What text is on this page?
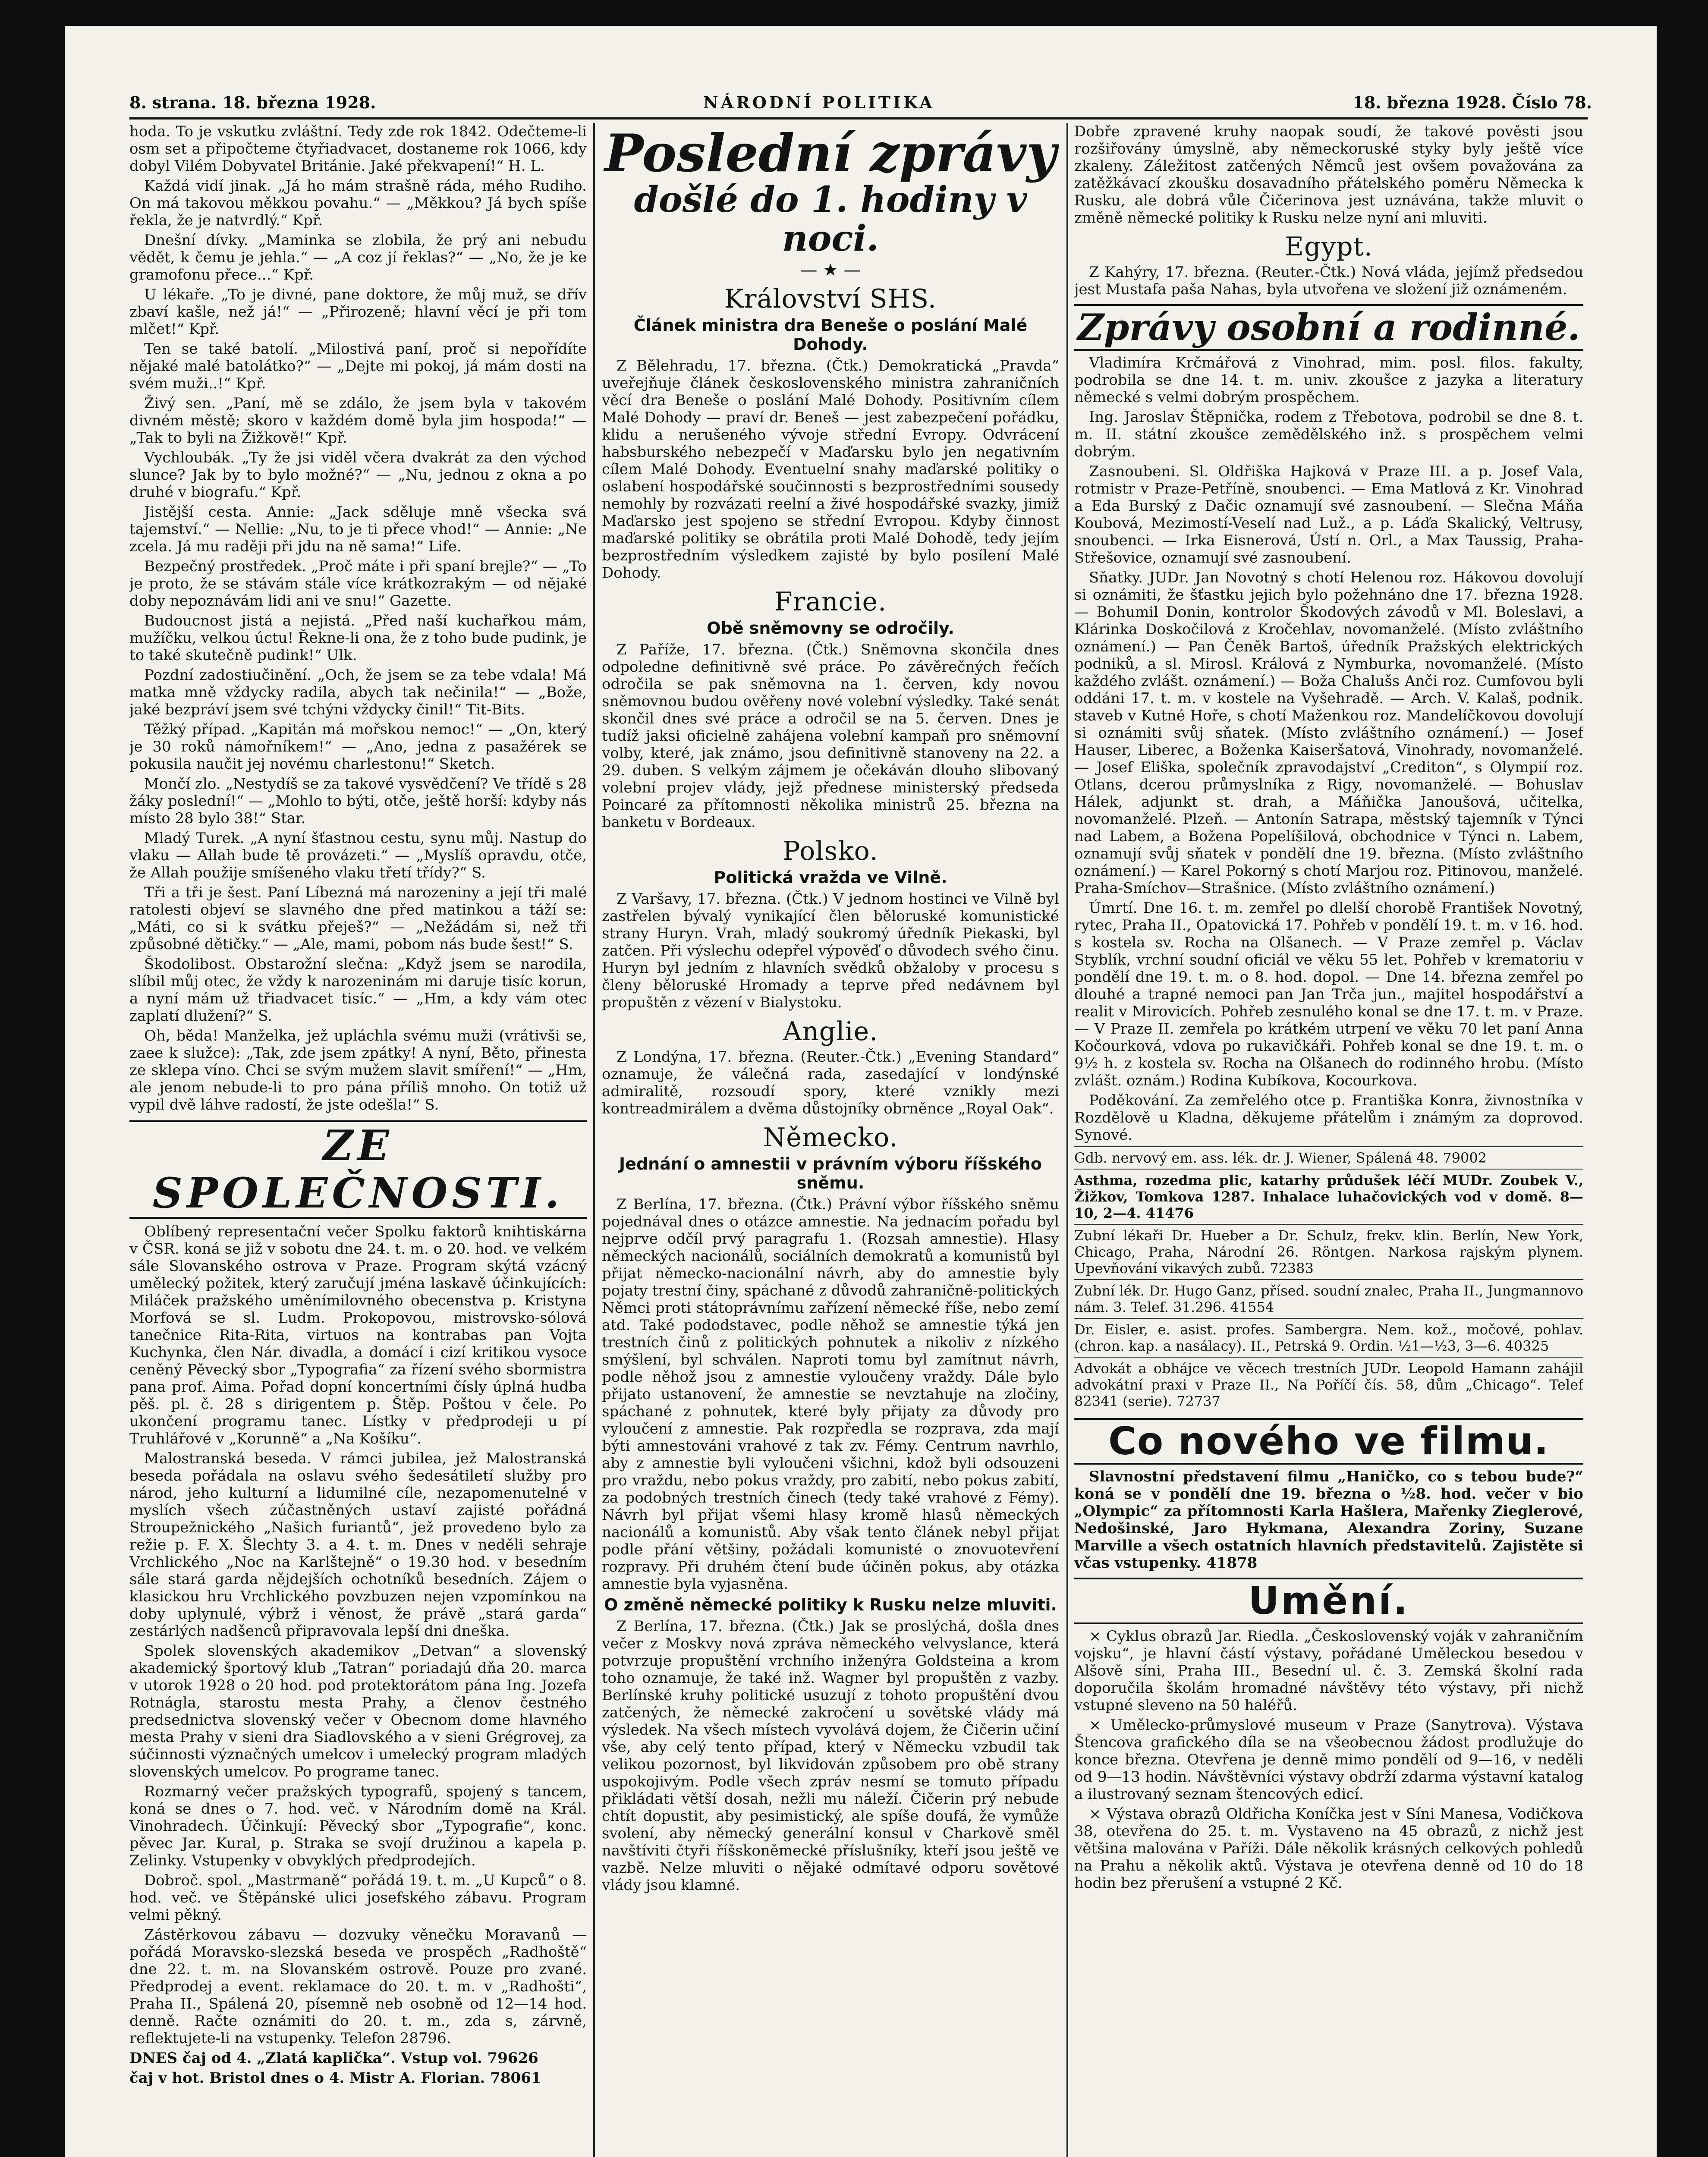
8. strana. 18. března 1928.	NÁRODNÍ POLITIKA	18. března 1928. Číslo 78.

hoda. To je vskutku zvláštní. Tedy zde rok 1842. Odečteme-li osm set a připočteme čtyřiadvacet, dostaneme rok 1066, kdy dobyl Vilém Dobyvatel Británie. Jaké překvapení!“ H. L.

Každá vidí jinak. „Já ho mám strašně ráda, mého Rudiho. On má takovou měkkou povahu.“ — „Měkkou? Já bych spíše řekla, že je natvrdlý.“ Kpř.

Dnešní dívky. „Maminka se zlobila, že prý ani nebudu vědět, k čemu je jehla.“ — „A coz jí řeklas?“ — „No, že je ke gramofonu přece...“ Kpř.

U lékaře. „To je divné, pane doktore, že můj muž, se dřív zbaví kašle, než já!“ — „Přirozeně; hlavní věcí je při tom mlčet!“ Kpř.

Ten se také batolí. „Milostivá paní, proč si nepořídíte nějaké malé batolátko?“ — „Dejte mi pokoj, já mám dosti na svém muži..!“ Kpř.

Živý sen. „Paní, mě se zdálo, že jsem byla v takovém divném městě; skoro v každém domě byla jim hospoda!“ — „Tak to byli na Žižkově!“ Kpř.

Vychloubák. „Ty že jsi viděl včera dvakrát za den východ slunce? Jak by to bylo možné?“ — „Nu, jednou z okna a po druhé v biografu.“ Kpř.

Jistější cesta. Annie: „Jack sděluje mně všecka svá tajemství.“ — Nellie: „Nu, to je ti přece vhod!“ — Annie: „Ne zcela. Já mu raději při jdu na ně sama!“ Life.

Bezpečný prostředek. „Proč máte i při spaní brejle?“ — „To je proto, že se stávám stále více krátkozrakým — od nějaké doby nepoznávám lidi ani ve snu!“ Gazette.

Budoucnost jistá a nejistá. „Před naší kuchařkou mám, mužíčku, velkou úctu! Řekne-li ona, že z toho bude pudink, je to také skutečně pudink!“ Ulk.

Pozdní zadostiučinění. „Och, že jsem se za tebe vdala! Má matka mně vždycky radila, abych tak nečinila!“ — „Bože, jaké bezpráví jsem své tchýni vždycky činil!“ Tit-Bits.

Těžký případ. „Kapitán má mořskou nemoc!“ — „On, který je 30 roků námořníkem!“ — „Ano, jedna z pasažérek se pokusila naučit jej novému charlestonu!“ Sketch.

Mončí zlo. „Nestydíš se za takové vysvědčení? Ve třídě s 28 žáky poslední!“ — „Mohlo to býti, otče, ještě horší: kdyby nás místo 28 bylo 38!“ Star.

Mladý Turek. „A nyní šťastnou cestu, synu můj. Nastup do vlaku — Allah bude tě provázeti.“ — „Myslíš opravdu, otče, že Allah použije smíšeného vlaku třetí třídy?“ S.

Tři a tři je šest. Paní Líbezná má narozeniny a její tři malé ratolesti objeví se slavného dne před matinkou a táží se: „Máti, co si k svátku přeješ?“ — „Nežádám si, než tři způsobné dětičky.“ — „Ale, mami, pobom nás bude šest!“ S.

Škodolibost. Obstarožní slečna: „Když jsem se narodila, slíbil můj otec, že vždy k narozeninám mi daruje tisíc korun, a nyní mám už třiadvacet tisíc.“ — „Hm, a kdy vám otec zaplatí dlužení?“ S.

Oh, běda! Manželka, jež upláchla svému muži (vrátivši se, zaee k služce): „Tak, zde jsem zpátky! A nyní, Běto, přinesta ze sklepa víno. Chci se svým mužem slavit smíření!“ — „Hm, ale jenom nebude-li to pro pána příliš mnoho. On totiž už vypil dvě láhve radostí, že jste odešla!“ S.

ZE SPOLEČNOSTI.

Oblíbený representační večer Spolku faktorů knihtiskárna v ČSR. koná se již v sobotu dne 24. t. m. o 20. hod. ve velkém sále Slovanského ostrova v Praze. Program skýtá vzácný umělecký požitek, který zaručují jména laskavě účinkujících: Miláček pražského uměnímilovného obecenstva p. Kristyna Morfová se sl. Ludm. Prokopovou, mistrovsko-sólová tanečnice Rita-Rita, virtuos na kontrabas pan Vojta Kuchynka, člen Nár. divadla, a domácí i cizí kritikou vysoce ceněný Pěvecký sbor „Typografia“ za řízení svého sbormistra pana prof. Aima. Pořad dopní koncertními čísly úplná hudba pěš. pl. č. 28 s dirigentem p. Štěp. Poštou v čele. Po ukončení programu tanec. Lístky v předprodeji u pí Truhlářové v „Korunně“ a „Na Košíku“.

Malostranská beseda. V rámci jubilea, jež Malostranská beseda pořádala na oslavu svého šedesátiletí služby pro národ, jeho kulturní a lidumilné cíle, nezapomenutelné v myslích všech zúčastněných ustaví zajisté pořádná Stroupežnického „Našich furiantů“, jež provedeno bylo za režie p. F. X. Šlechty 3. a 4. t. m. Dnes v neděli sehraje Vrchlického „Noc na Karlštejně“ o 19.30 hod. v besedním sále stará garda nějdejších ochotníků besedních. Zájem o klasickou hru Vrchlického povzbuzen nejen vzpomínkou na doby uplynulé, výbrž i věnost, že právě „stará garda“ zestárlých nadšenců připravovala lepší dni dneška.

Spolek slovenských akademikov „Detvan“ a slovenský akademický športový klub „Tatran“ poriadajú dňa 20. marca v utorok 1928 o 20 hod. pod protektorátom pána Ing. Jozefa Rotnágla, starostu mesta Prahy, a členov čestného predsednictva slovenský večer v Obecnom dome hlavného mesta Prahy v sieni dra Siadlovského a v sieni Grégrovej, za súčinnosti význačných umelcov i umelecký program mladých slovenských umelcov. Po programe tanec.

Rozmarný večer pražských typografů, spojený s tancem, koná se dnes o 7. hod. več. v Národním domě na Král. Vinohradech. Účinkují: Pěvecký sbor „Typografie“, konc. pěvec Jar. Kural, p. Straka se svojí družinou a kapela p. Zelinky. Vstupenky v obvyklých předprodejích.

Dobroč. spol. „Mastrmaně“ pořádá 19. t. m. „U Kupců“ o 8. hod. več. ve Štěpánské ulici josefského zábavu. Program velmi pěkný.

Zástěrkovou zábavu — dozvuky věnečku Moravanů — pořádá Moravsko-slezská beseda ve prospěch „Radhoště“ dne 22. t. m. na Slovanském ostrově. Pouze pro zvané. Předprodej a event. reklamace do 20. t. m. v „Radhošti“, Praha II., Spálená 20, písemně neb osobně od 12—14 hod. denně. Račte oznámiti do 20. t. m., zda s, zárvně, reflektujete-li na vstupenky. Telefon 28796.

DNES čaj od 4. „Zlatá kaplička“. Vstup vol. 79626

čaj v hot. Bristol dnes o 4. Mistr A. Florian. 78061

Poslední zprávy
došlé do 1. hodiny v noci.
— ★ —
Království SHS.
Článek ministra dra Beneše o poslání Malé Dohody.

Z Bělehradu, 17. března. (Čtk.) Demokratická „Pravda“ uveřejňuje článek československého ministra zahraničních věcí dra Beneše o poslání Malé Dohody. Positivním cílem Malé Dohody — praví dr. Beneš — jest zabezpečení pořádku, klidu a nerušeného vývoje střední Evropy. Odvrácení habsburského nebezpečí v Maďarsku bylo jen negativním cílem Malé Dohody. Eventuelní snahy maďarské politiky o oslabení hospodářské součinnosti s bezprostředními sousedy nemohly by rozvázati reelní a živé hospodářské svazky, jimiž Maďarsko jest spojeno se střední Evropou. Kdyby činnost maďarské politiky se obrátila proti Malé Dohodě, tedy jejím bezprostředním výsledkem zajisté by bylo posílení Malé Dohody.

Francie.
Obě sněmovny se odročily.

Z Paříže, 17. března. (Čtk.) Sněmovna skončila dnes odpoledne definitivně své práce. Po závěrečných řečích odročila se pak sněmovna na 1. červen, kdy novou sněmovnou budou ověřeny nové volební výsledky. Také senát skončil dnes své práce a odročil se na 5. červen. Dnes je tudíž jaksi oficielně zahájena volební kampaň pro sněmovní volby, které, jak známo, jsou definitivně stanoveny na 22. a 29. duben. S velkým zájmem je očekáván dlouho slibovaný volební projev vlády, jejž přednese ministerský předseda Poincaré za přítomnosti několika ministrů 25. března na banketu v Bordeaux.

Polsko.
Politická vražda ve Vilně.

Z Varšavy, 17. března. (Čtk.) V jednom hostinci ve Vilně byl zastřelen bývalý vynikající člen běloruské komunistické strany Huryn. Vrah, mladý soukromý úředník Piekaski, byl zatčen. Při výslechu odepřel výpověď o důvodech svého činu. Huryn byl jedním z hlavních svědků obžaloby v procesu s členy běloruské Hromady a teprve před nedávnem byl propuštěn z vězení v Bialystoku.

Anglie.

Z Londýna, 17. března. (Reuter.-Čtk.) „Evening Standard“ oznamuje, že válečná rada, zasedající v londýnské admiralitě, rozsoudí spory, které vznikly mezi kontreadmirálem a dvěma důstojníky obrněnce „Royal Oak“.

Německo.
Jednání o amnestii v právním výboru říšského sněmu.

Z Berlína, 17. března. (Čtk.) Právní výbor říšského sněmu pojednával dnes o otázce amnestie. Na jednacím pořadu byl nejprve odčíl prvý paragrafu 1. (Rozsah amnestie). Hlasy německých nacionálů, sociálních demokratů a komunistů byl přijat německo-nacionální návrh, aby do amnestie byly pojaty trestní činy, spáchané z důvodů zahraničně-politických Němci proti státoprávnímu zařízení německé říše, nebo zemí atd. Také pododstavec, podle něhož se amnestie týká jen trestních činů z politických pohnutek a nikoliv z nízkého smýšlení, byl schválen. Naproti tomu byl zamítnut návrh, podle něhož jsou z amnestie vyloučeny vraždy. Dále bylo přijato ustanovení, že amnestie se nevztahuje na zločiny, spáchané z pohnutek, které byly přijaty za důvody pro vyloučení z amnestie. Pak rozpředla se rozprava, zda mají býti amnestováni vrahové z tak zv. Fémy. Centrum navrhlo, aby z amnestie byli vyloučeni všichni, kdož byli odsouzeni pro vraždu, nebo pokus vraždy, pro zabití, nebo pokus zabití, za podobných trestních činech (tedy také vrahové z Fémy). Návrh byl přijat všemi hlasy kromě hlasů německých nacionálů a komunistů. Aby však tento článek nebyl přijat podle přání většiny, požádali komunisté o znovuotevření rozpravy. Při druhém čtení bude účiněn pokus, aby otázka amnestie byla vyjasněna.

O změně německé politiky k Rusku nelze mluviti.

Z Berlína, 17. března. (Čtk.) Jak se proslýchá, došla dnes večer z Moskvy nová zpráva německého velvyslance, která potvrzuje propuštění vrchního inženýra Goldsteina a krom toho oznamuje, že také inž. Wagner byl propuštěn z vazby. Berlínské kruhy politické usuzují z tohoto propuštění dvou zatčených, že německé zakročení u sovětské vlády má výsledek. Na všech místech vyvolává dojem, že Čičerin učiní vše, aby celý tento případ, který v Německu vzbudil tak velikou pozornost, byl likvidován způsobem pro obě strany uspokojivým. Podle všech zpráv nesmí se tomuto případu přikládati větší dosah, nežli mu náleží. Čičerin prý nebude chtít dopustit, aby pesimistický, ale spíše doufá, že vymůže svolení, aby německý generální konsul v Charkově směl navštíviti čtyři říšskoněmecké příslušníky, kteří jsou ještě ve vazbě. Nelze mluviti o nějaké odmítavé odporu sovětové vlády jsou klamné.

Dobře zpravené kruhy naopak soudí, že takové pověsti jsou rozšiřovány úmyslně, aby německoruské styky byly ještě více zkaleny. Záležitost zatčených Němců jest ovšem považována za zatěžkávací zkoušku dosavadního přátelského poměru Německa k Rusku, ale dobrá vůle Čičerinova jest uznávána, takže mluvit o změně německé politiky k Rusku nelze nyní ani mluviti.

Egypt.

Z Kahýry, 17. března. (Reuter.-Čtk.) Nová vláda, jejímž předsedou jest Mustafa paša Nahas, byla utvořena ve složení již oznámeném.

Zprávy osobní a rodinné.

Vladimíra Krčmářová z Vinohrad, mim. posl. filos. fakulty, podrobila se dne 14. t. m. univ. zkoušce z jazyka a literatury německé s velmi dobrým prospěchem.

Ing. Jaroslav Štěpnička, rodem z Třebotova, podrobil se dne 8. t. m. II. státní zkoušce zemědělského inž. s prospěchem velmi dobrým.

Zasnoubeni. Sl. Oldřiška Hajková v Praze III. a p. Josef Vala, rotmistr v Praze-Petříně, snoubenci. — Ema Matlová z Kr. Vinohrad a Eda Burský z Dačic oznamují své zasnoubení. — Slečna Máňa Koubová, Mezimostí-Veselí nad Luž., a p. Láďa Skalický, Veltrusy, snoubenci. — Irka Eisnerová, Ústí n. Orl., a Max Taussig, Praha-Střešovice, oznamují své zasnoubení.

Sňatky. JUDr. Jan Novotný s chotí Helenou roz. Hákovou dovolují si oznámiti, že šťastku jejich bylo požehnáno dne 17. března 1928. — Bohumil Donin, kontrolor Škodových závodů v Ml. Boleslavi, a Klárinka Doskočilová z Kročehlav, novomanželé. (Místo zvláštního oznámení.) — Pan Čeněk Bartoš, úředník Pražských elektrických podniků, a sl. Mirosl. Králová z Nymburka, novomanželé. (Místo každého zvlášt. oznámení.) — Boža Chalušs Anči roz. Cumfovou byli oddáni 17. t. m. v kostele na Vyšehradě. — Arch. V. Kalaš, podnik. staveb v Kutné Hoře, s chotí Maženkou roz. Mandelíčkovou dovolují si oznámiti svůj sňatek. (Místo zvláštního oznámení.) — Josef Hauser, Liberec, a Boženka Kaiseršatová, Vinohrady, novomanželé. — Josef Eliška, společník zpravodajství „Crediton“, s Olympií roz. Otlans, dcerou průmyslníka z Rigy, novomanželé. — Bohuslav Hálek, adjunkt st. drah, a Máňička Janoušová, učitelka, novomanželé. Plzeň. — Antonín Satrapa, městský tajemník v Týnci nad Labem, a Božena Popelíšilová, obchodnice v Týnci n. Labem, oznamují svůj sňatek v pondělí dne 19. března. (Místo zvláštního oznámení.) — Karel Pokorný s chotí Marjou roz. Pitinovou, manželé. Praha-Smíchov—Strašnice. (Místo zvláštního oznámení.)

Úmrtí. Dne 16. t. m. zemřel po dlelší chorobě František Novotný, rytec, Praha II., Opatovická 17. Pohřeb v pondělí 19. t. m. v 16. hod. s kostela sv. Rocha na Olšanech. — V Praze zemřel p. Václav Styblík, vrchní soudní oficiál ve věku 55 let. Pohřeb v krematoriu v pondělí dne 19. t. m. o 8. hod. dopol. — Dne 14. března zemřel po dlouhé a trapné nemoci pan Jan Trča jun., majitel hospodářství a realit v Mirovicích. Pohřeb zesnulého konal se dne 17. t. m. v Praze. — V Praze II. zemřela po krátkém utrpení ve věku 70 let paní Anna Kočourková, vdova po rukavičkáři. Pohřeb konal se dne 19. t. m. o 9½ h. z kostela sv. Rocha na Olšanech do rodinného hrobu. (Místo zvlášt. oznám.) Rodina Kubíkova, Kocourkova.

Poděkování. Za zemřelého otce p. Františka Konra, živnostníka v Rozdělově u Kladna, děkujeme přátelům i známým za doprovod. Synové.

Gdb. nervový em. ass. lék. dr. J. Wiener, Spálená 48. 79002

Asthma, rozedma plic, katarhy průdušek léčí MUDr. Zoubek V., Žižkov, Tomkova 1287. Inhalace luhačovických vod v domě. 8—10, 2—4. 41476

Zubní lékaři Dr. Hueber a Dr. Schulz, frekv. klin. Berlín, New York, Chicago, Praha, Národní 26. Röntgen. Narkosa rajským plynem. Upevňování vikavých zubů. 72383

Zubní lék. Dr. Hugo Ganz, přísed. soudní znalec, Praha II., Jungmannovo nám. 3. Telef. 31.296. 41554

Dr. Eisler, e. asist. profes. Sambergra. Nem. kož., močové, pohlav. (chron. kap. a nasálacy). II., Petrská 9. Ordin. ½1—½3, 3—6. 40325

Advokát a obhájce ve věcech trestních JUDr. Leopold Hamann zahájil advokátní praxi v Praze II., Na Poříčí čís. 58, dům „Chicago“. Telef 82341 (serie). 72737

Co nového ve filmu.

Slavnostní představení filmu „Haničko, co s tebou bude?“ koná se v pondělí dne 19. března o ½8. hod. večer v bio „Olympic“ za přítomnosti Karla Hašlera, Mařenky Zieglerové, Nedošinské, Jaro Hykmana, Alexandra Zoriny, Suzane Marville a všech ostatních hlavních představitelů. Zajistěte si včas vstupenky. 41878

Umění.

× Cyklus obrazů Jar. Riedla. „Československý voják v zahraničním vojsku“, je hlavní částí výstavy, pořádané Uměleckou besedou v Alšově síni, Praha III., Besední ul. č. 3. Zemská školní rada doporučila školám hromadné návštěvy této výstavy, při nichž vstupné sleveno na 50 haléřů.

× Umělecko-průmyslové museum v Praze (Sanytrova). Výstava Štencova grafického díla se na všeobecnou žádost prodlužuje do konce března. Otevřena je denně mimo pondělí od 9—16, v neděli od 9—13 hodin. Návštěvníci výstavy obdrží zdarma výstavní katalog a ilustrovaný seznam štencových edicí.

× Výstava obrazů Oldřicha Koníčka jest v Síni Manesa, Vodičkova 38, otevřena do 25. t. m. Vystaveno na 45 obrazů, z nichž jest většina malována v Paříži. Dále několik krásných celkových pohledů na Prahu a několik aktů. Výstava je otevřena denně od 10 do 18 hodin bez přerušení a vstupné 2 Kč.
